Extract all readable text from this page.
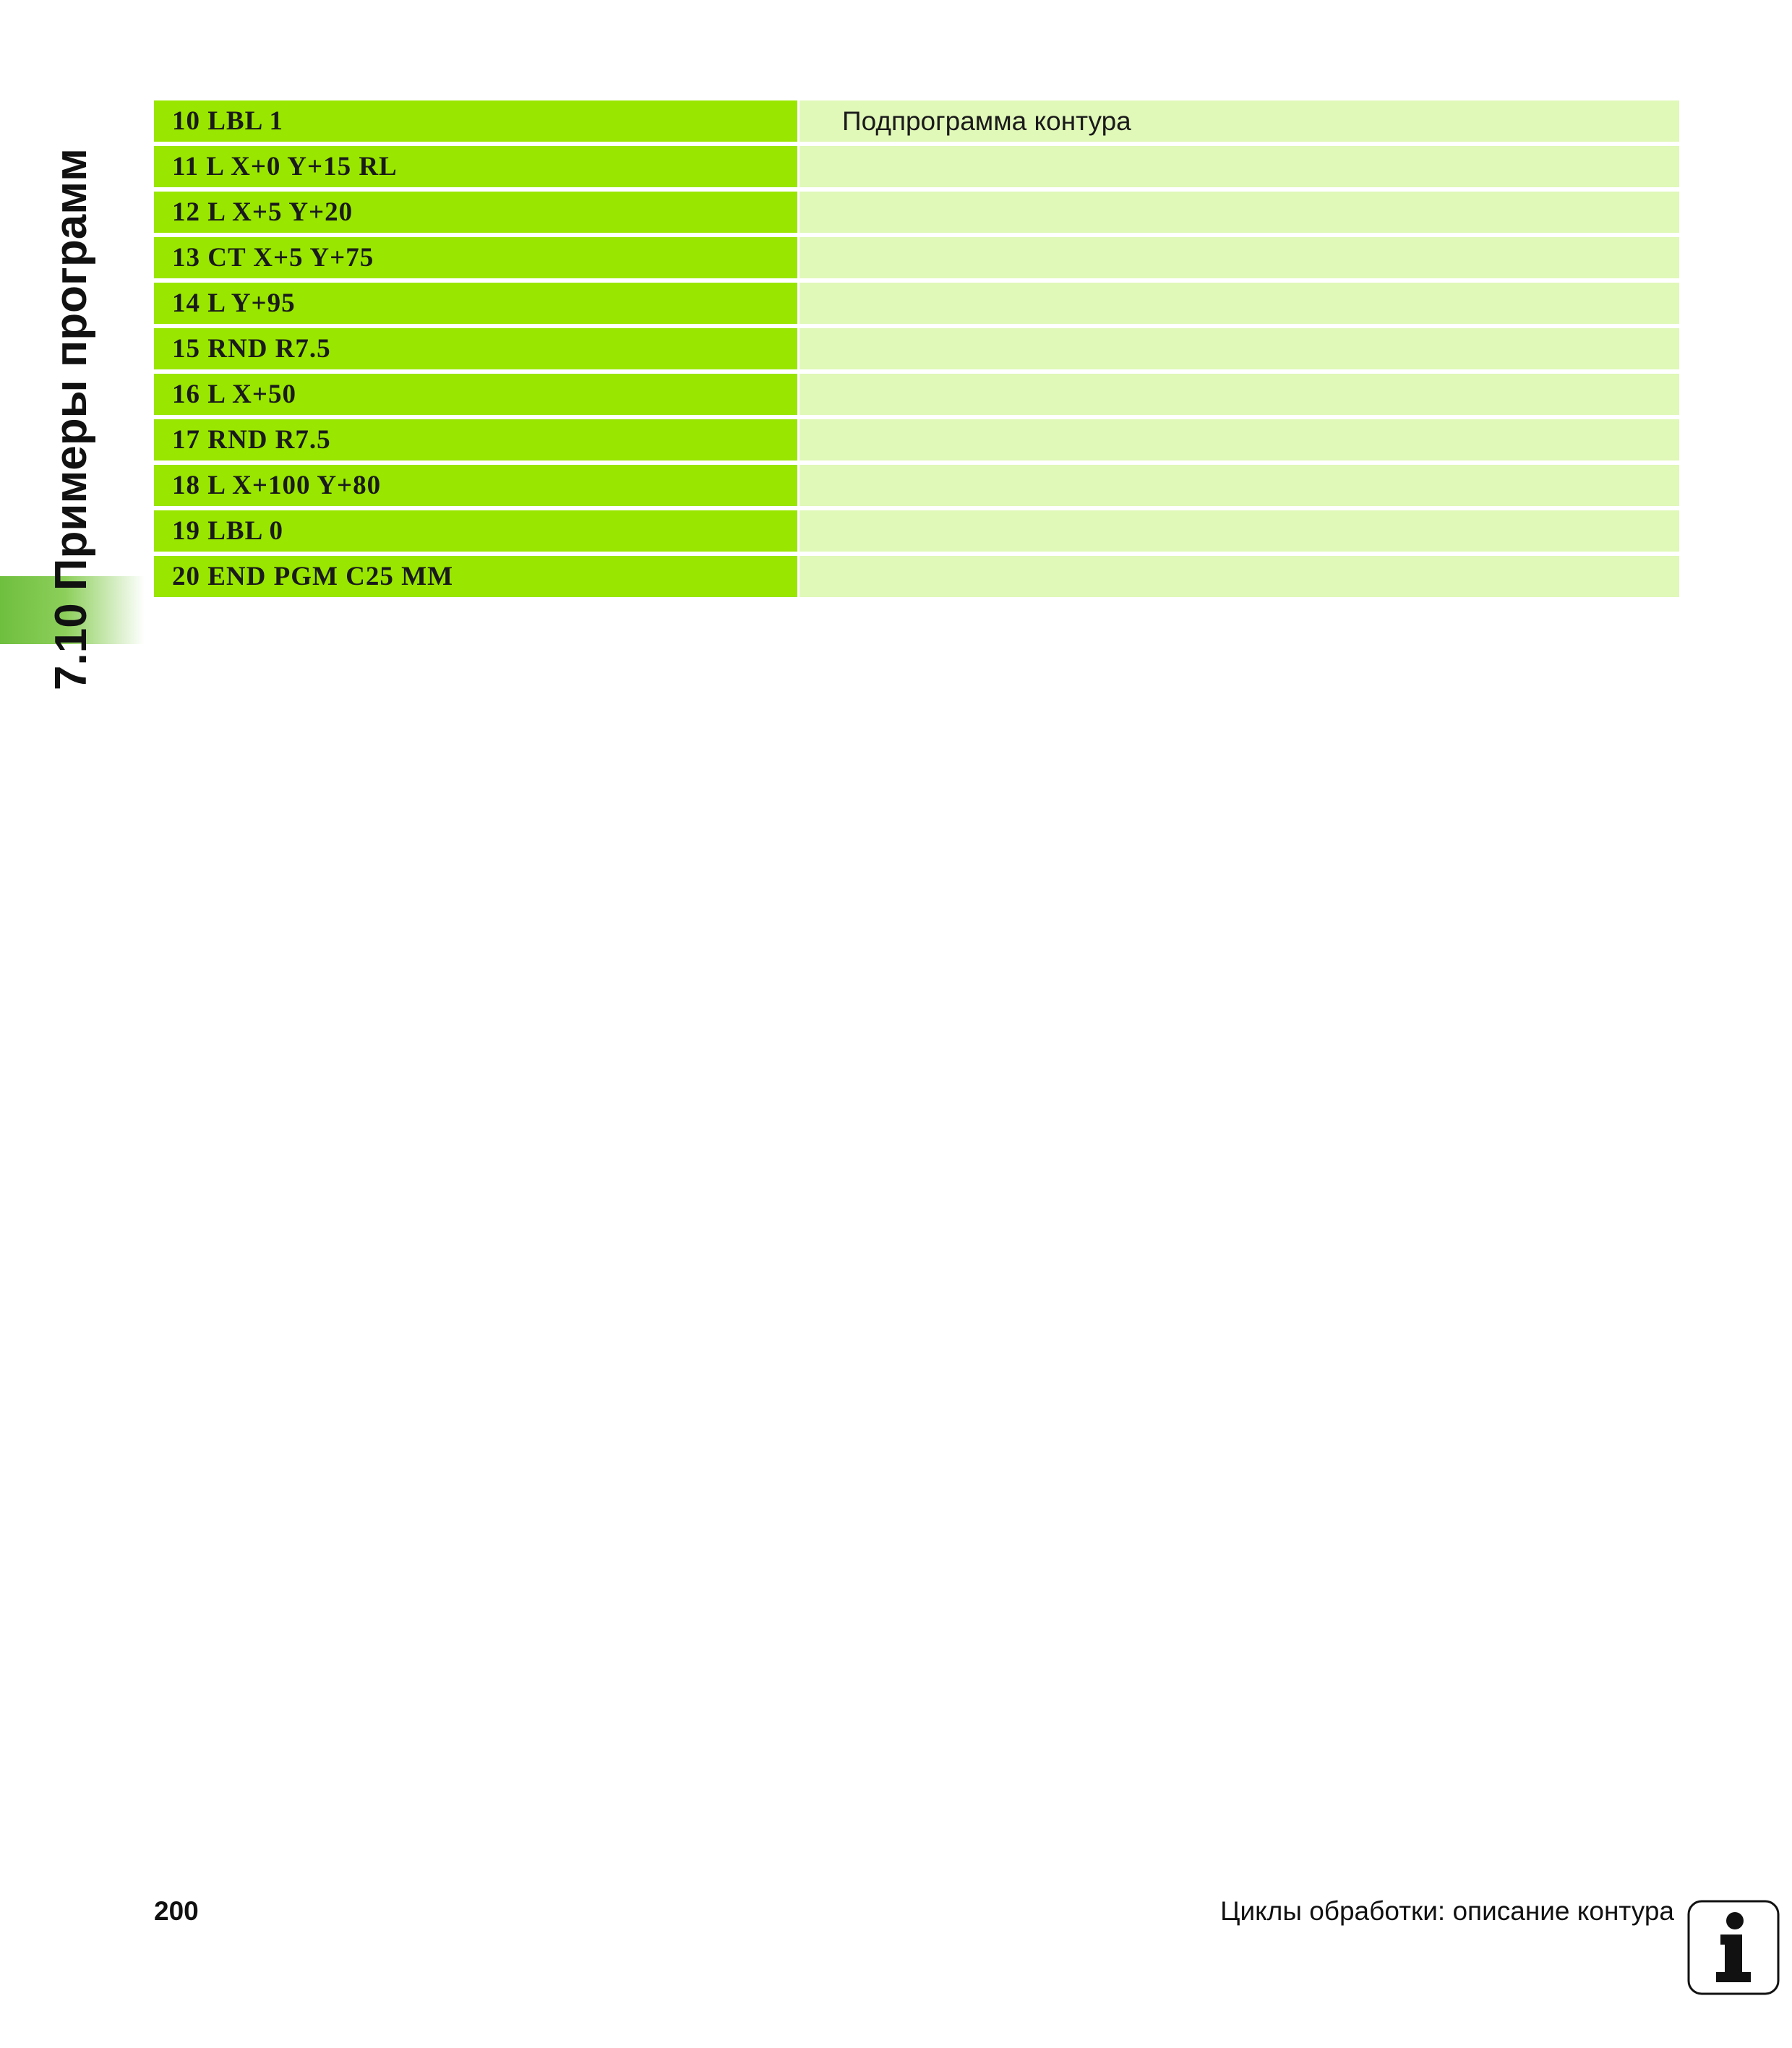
7.10 Примеры программ
10 LBL 1	Подпрограмма контура
11 L X+0 Y+15 RL
12 L X+5 Y+20
13 CT X+5 Y+75
14 L Y+95
15 RND R7.5
16 L X+50
17 RND R7.5
18 L X+100 Y+80
19 LBL 0
20 END PGM C25 MM
200	Циклы обработки: описание контура
